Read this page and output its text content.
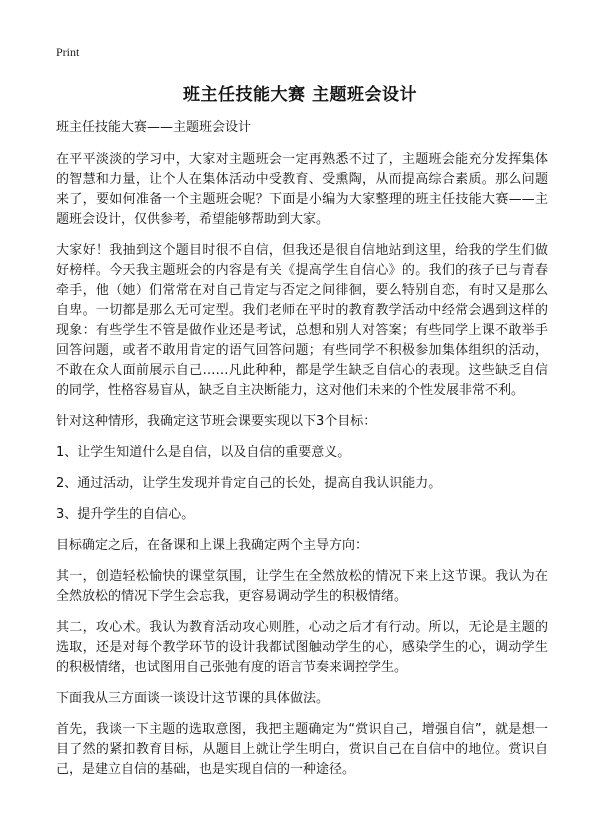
Print
班主任技能大赛 主题班会设计

班主任技能大赛——主题班会设计

在平平淡淡的学习中，大家对主题班会一定再熟悉不过了，主题班会能充分发挥集体的智慧和力量，让个人在集体活动中受教育、受熏陶，从而提高综合素质。那么问题来了，要如何准备一个主题班会呢？下面是小编为大家整理的班主任技能大赛——主题班会设计，仅供参考，希望能够帮助到大家。

大家好！我抽到这个题目时很不自信，但我还是很自信地站到这里，给我的学生们做好榜样。今天我主题班会的内容是有关《提高学生自信心》的。我们的孩子已与青春牵手，他（她）们常常在对自己肯定与否定之间徘徊，要么特别自恋，有时又是那么自卑。一切都是那么无可定型。我们老师在平时的教育教学活动中经常会遇到这样的现象：有些学生不管是做作业还是考试，总想和别人对答案；有些同学上课不敢举手回答问题，或者不敢用肯定的语气回答问题；有些同学不积极参加集体组织的活动，不敢在众人面前展示自己……凡此种种，都是学生缺乏自信心的表现。这些缺乏自信的同学，性格容易盲从，缺乏自主决断能力，这对他们未来的个性发展非常不利。

针对这种情形，我确定这节班会课要实现以下3个目标：

1、让学生知道什么是自信，以及自信的重要意义。

2、通过活动，让学生发现并肯定自己的长处，提高自我认识能力。

3、提升学生的自信心。

目标确定之后，在备课和上课上我确定两个主导方向：

其一，创造轻松愉快的课堂氛围，让学生在全然放松的情况下来上这节课。我认为在全然放松的情况下学生会忘我，更容易调动学生的积极情绪。

其二，攻心术。我认为教育活动攻心则胜，心动之后才有行动。所以，无论是主题的选取，还是对每个教学环节的设计我都试图触动学生的心，感染学生的心，调动学生的积极情绪，也试图用自己张弛有度的语言节奏来调控学生。

下面我从三方面谈一谈设计这节课的具体做法。

首先，我谈一下主题的选取意图，我把主题确定为“赏识自己，增强自信”，就是想一目了然的紧扣教育目标，从题目上就让学生明白，赏识自己在自信中的地位。赏识自己，是建立自信的基础，也是实现自信的一种途径。
